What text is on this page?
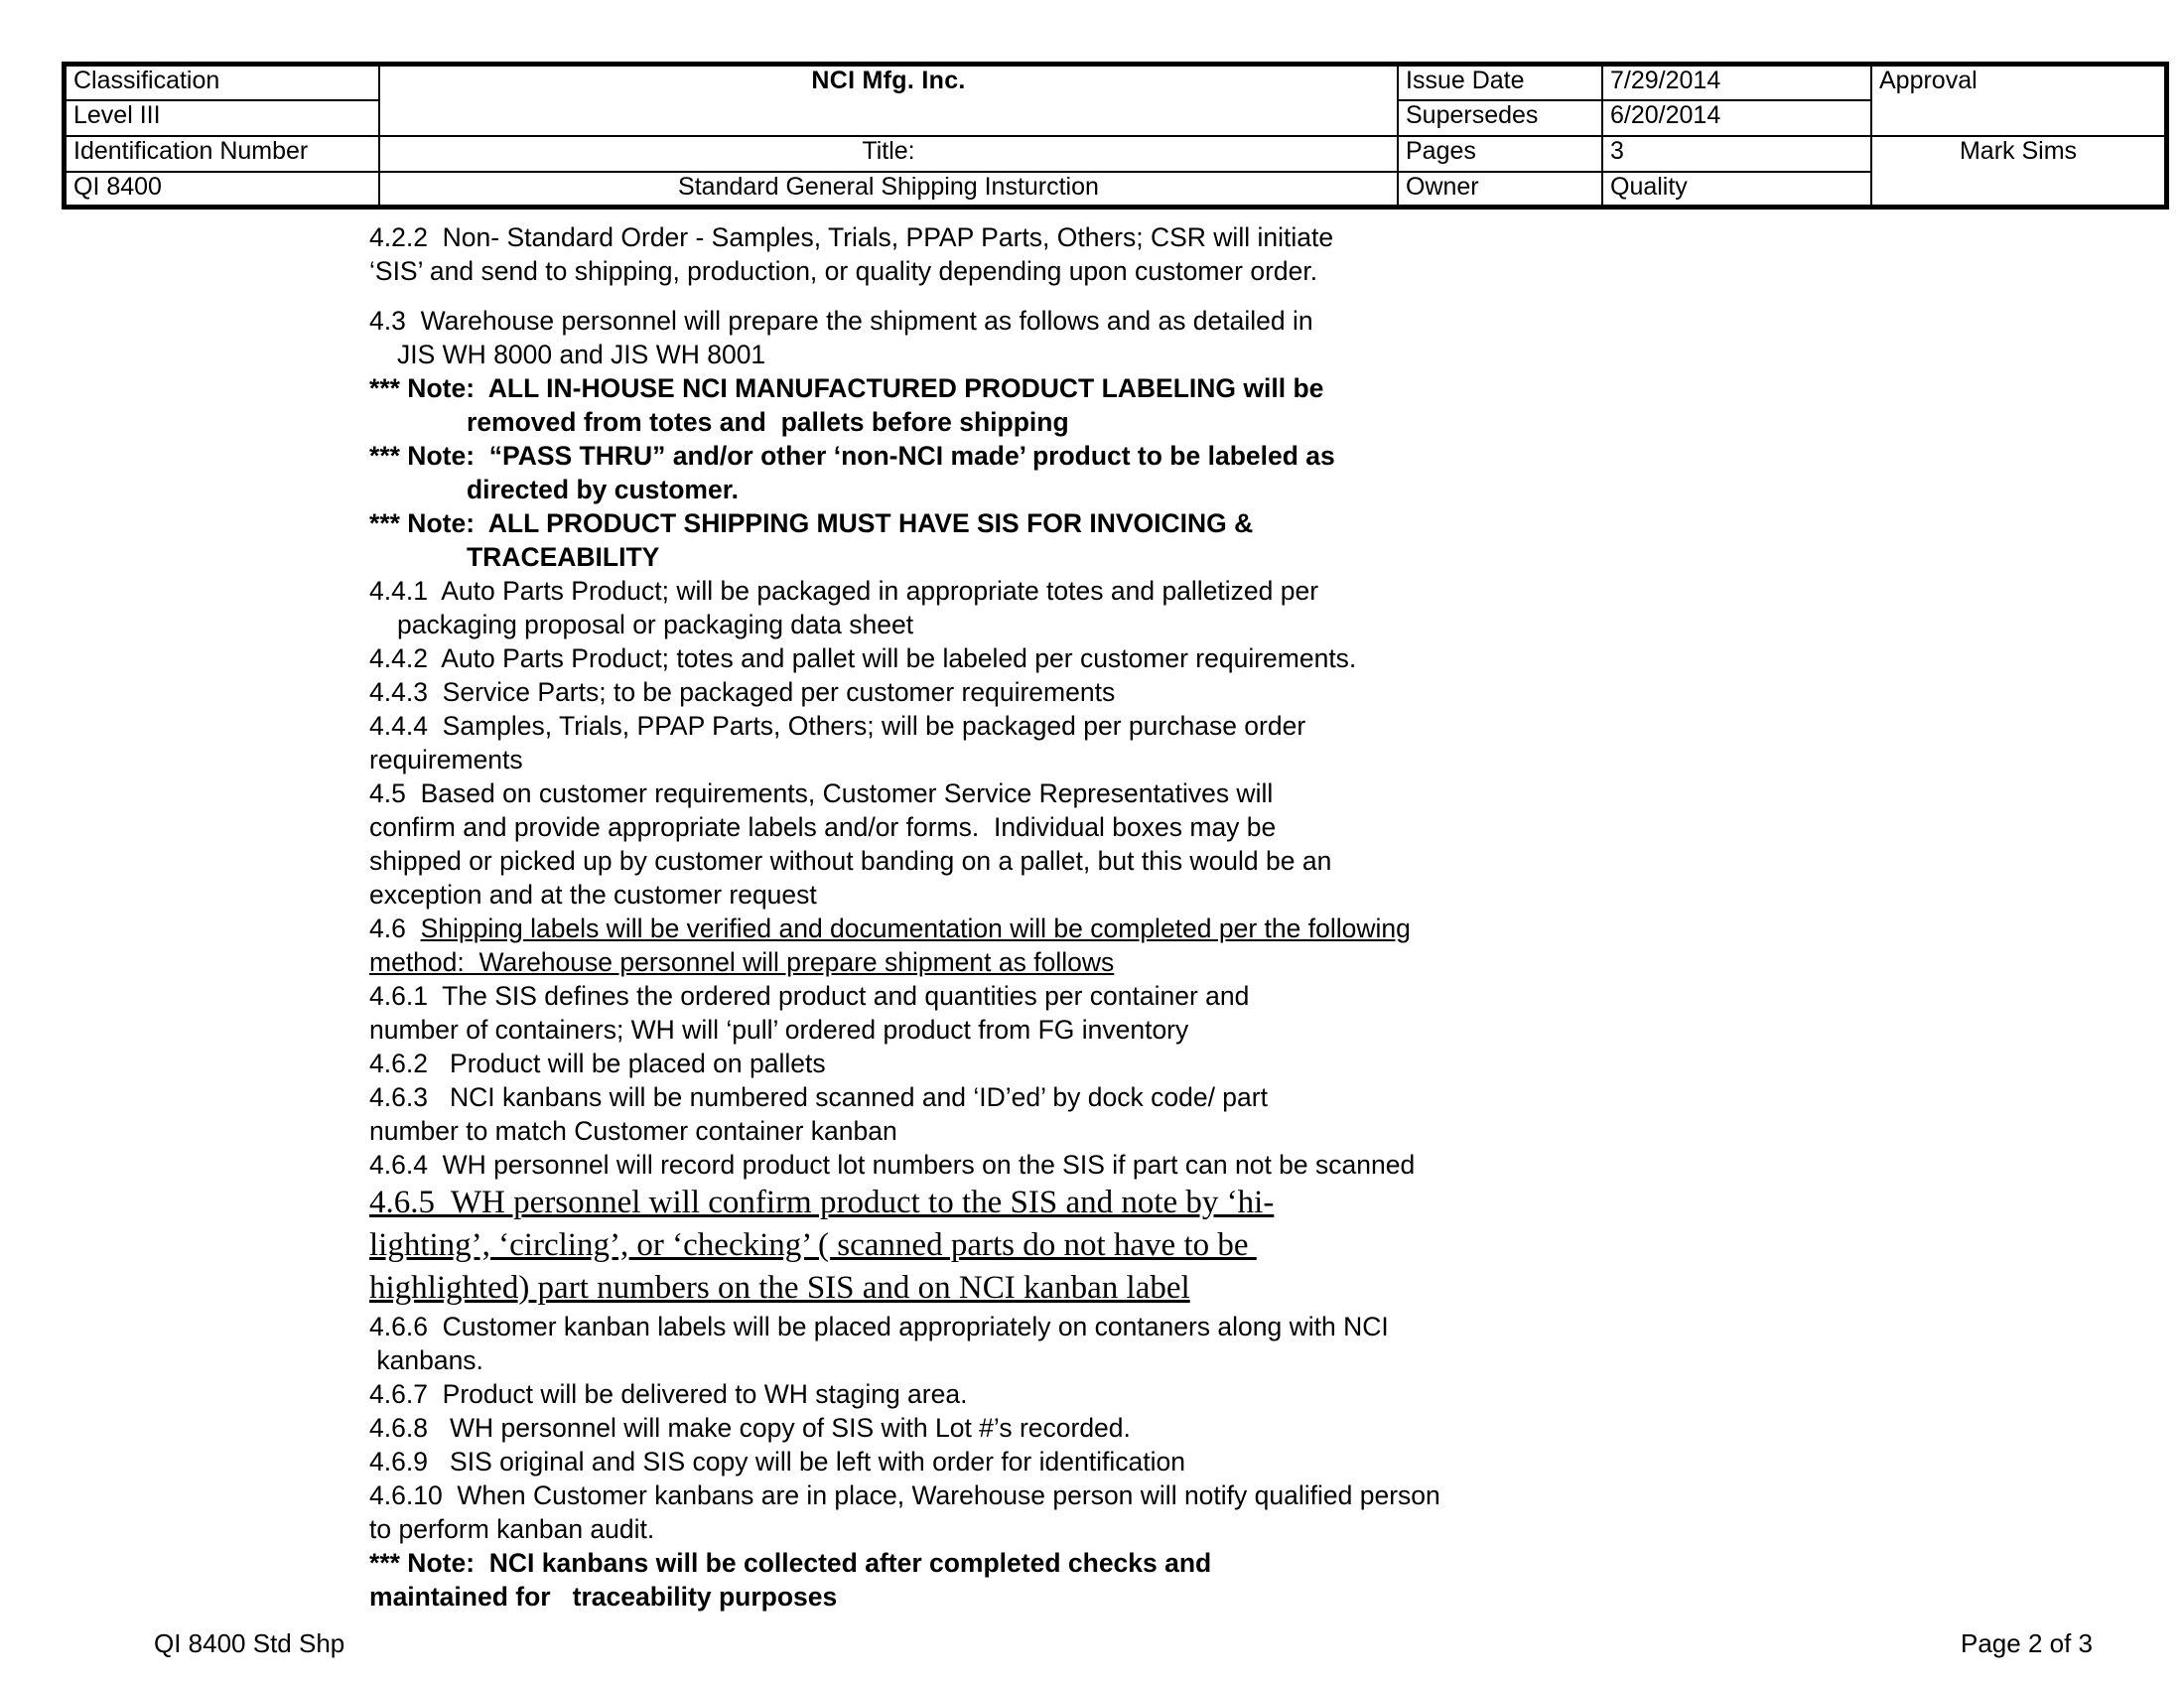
Classification	NCI Mfg. Inc.	Issue Date	7/29/2014	Approval
Level III		Supersedes	6/20/2014	
Identification Number	Title:	Pages	3	Mark Sims
QI 8400	Standard General Shipping Insturction	Owner	Quality	
4.2.2  Non- Standard Order - Samples, Trials, PPAP Parts, Others; CSR will initiate
‘SIS’ and send to shipping, production, or quality depending upon customer order.
4.3  Warehouse personnel will prepare the shipment as follows and as detailed in
JIS WH 8000 and JIS WH 8001
*** Note:  ALL IN-HOUSE NCI MANUFACTURED PRODUCT LABELING will be
removed from totes and  pallets before shipping
*** Note:  “PASS THRU” and/or other ‘non-NCI made’ product to be labeled as
directed by customer.
*** Note:  ALL PRODUCT SHIPPING MUST HAVE SIS FOR INVOICING &
TRACEABILITY
4.4.1  Auto Parts Product; will be packaged in appropriate totes and palletized per
packaging proposal or packaging data sheet
4.4.2  Auto Parts Product; totes and pallet will be labeled per customer requirements.
4.4.3  Service Parts; to be packaged per customer requirements
4.4.4  Samples, Trials, PPAP Parts, Others; will be packaged per purchase order
requirements
4.5  Based on customer requirements, Customer Service Representatives will
confirm and provide appropriate labels and/or forms.  Individual boxes may be
shipped or picked up by customer without banding on a pallet, but this would be an
exception and at the customer request
4.6  Shipping labels will be verified and documentation will be completed per the following
method:  Warehouse personnel will prepare shipment as follows
4.6.1  The SIS defines the ordered product and quantities per container and
number of containers; WH will ‘pull’ ordered product from FG inventory
4.6.2   Product will be placed on pallets
4.6.3   NCI kanbans will be numbered scanned and ‘ID’ed’ by dock code/ part
number to match Customer container kanban
4.6.4  WH personnel will record product lot numbers on the SIS if part can not be scanned
4.6.5  WH personnel will confirm product to the SIS and note by ‘hi-
lighting’, ‘circling’, or ‘checking’ ( scanned parts do not have to be
highlighted) part numbers on the SIS and on NCI kanban label
4.6.6  Customer kanban labels will be placed appropriately on contaners along with NCI
kanbans.
4.6.7  Product will be delivered to WH staging area.
4.6.8   WH personnel will make copy of SIS with Lot #’s recorded.
4.6.9   SIS original and SIS copy will be left with order for identification
4.6.10  When Customer kanbans are in place, Warehouse person will notify qualified person
to perform kanban audit.
*** Note:  NCI kanbans will be collected after completed checks and
maintained for   traceability purposes
QI 8400 Std Shp	Page 2 of 3
